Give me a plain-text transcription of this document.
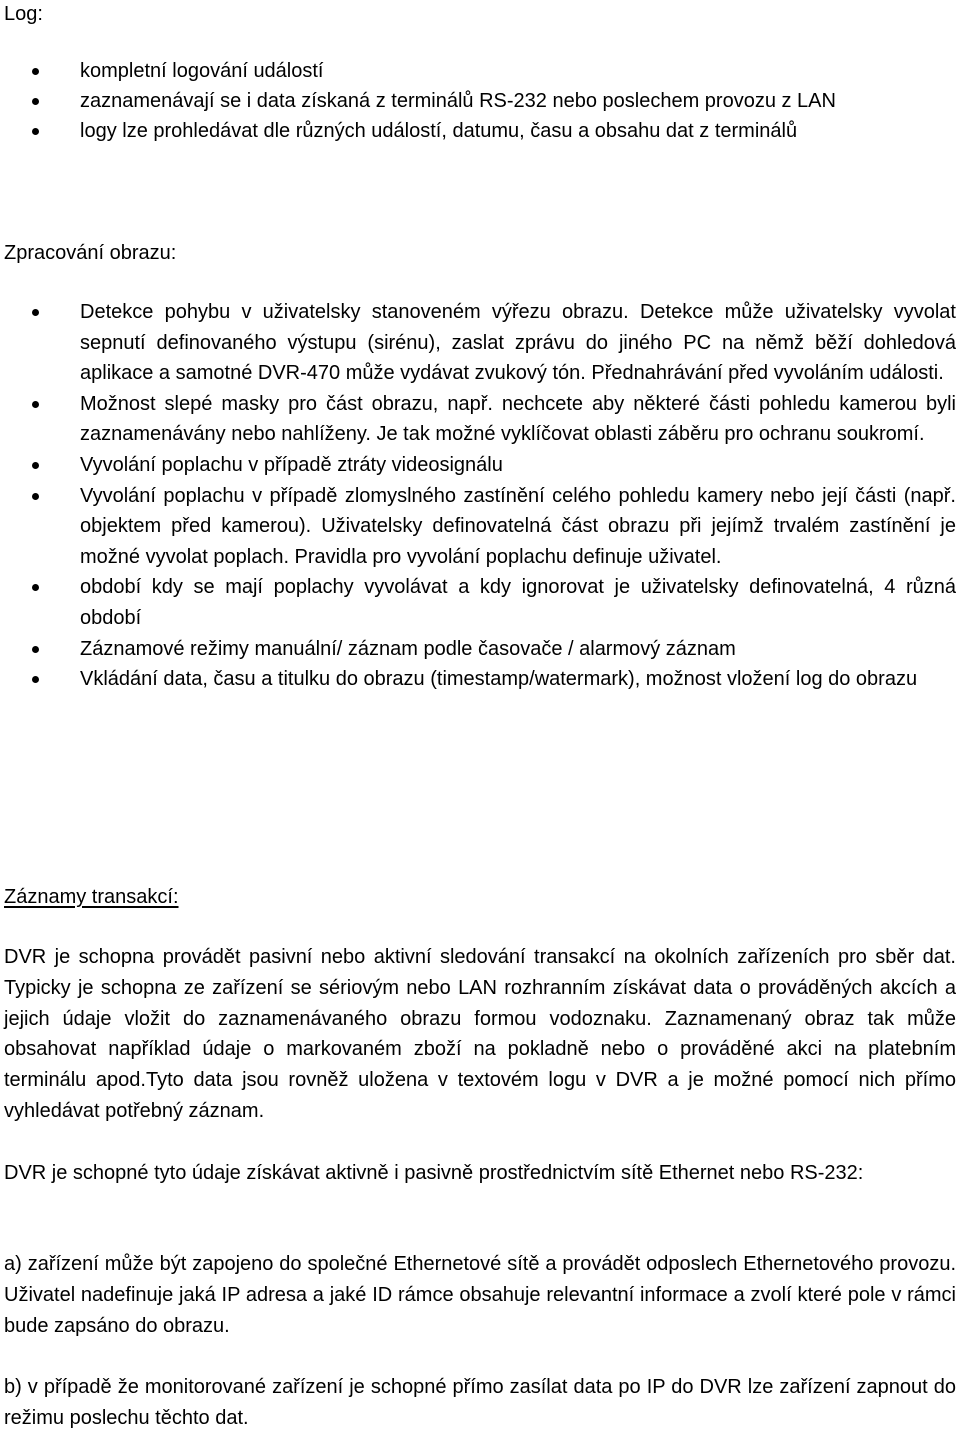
Log:
kompletní logování událostí
zaznamenávají se i data získaná z terminálů RS-232 nebo poslechem provozu z LAN
logy lze prohledávat dle různých událostí, datumu, času a obsahu dat z terminálů
Zpracování obrazu:
Detekce pohybu v uživatelsky stanoveném výřezu obrazu. Detekce může uživatelsky vyvolat sepnutí definovaného výstupu (sirénu), zaslat zprávu do jiného PC na němž běží dohledová aplikace a samotné DVR-470 může vydávat zvukový tón. Přednahrávání před vyvoláním události.
Možnost slepé masky pro část obrazu, např. nechcete aby některé části pohledu kamerou byli zaznamenávány nebo nahlíženy. Je tak možné vyklíčovat oblasti záběru pro ochranu soukromí.
Vyvolání poplachu v případě ztráty videosignálu
Vyvolání poplachu v případě zlomyslného zastínění celého pohledu kamery nebo její části (např. objektem před kamerou). Uživatelsky definovatelná část obrazu při jejímž trvalém zastínění je možné vyvolat poplach. Pravidla pro vyvolání poplachu definuje uživatel.
období kdy se mají poplachy vyvolávat a kdy ignorovat je uživatelsky definovatelná, 4 různá období
Záznamové režimy manuální/ záznam podle časovače / alarmový záznam
Vkládání data, času a titulku do obrazu (timestamp/watermark), možnost vložení log do obrazu
Záznamy transakcí:

DVR je schopna provádět pasivní nebo aktivní sledování transakcí na okolních zařízeních pro sběr dat. Typicky je schopna ze zařízení se sériovým nebo LAN rozhranním získávat data o prováděných akcích a jejich údaje vložit do zaznamenávaného obrazu formou vodoznaku. Zaznamenaný obraz tak může obsahovat například údaje o markovaném zboží na pokladně nebo o prováděné akci na platebním terminálu apod.Tyto data jsou rovněž uložena v textovém logu v DVR a je možné pomocí nich přímo vyhledávat potřebný záznam.

DVR je schopné tyto údaje získávat aktivně i pasivně prostřednictvím sítě Ethernet nebo RS-232:

a) zařízení může být zapojeno do společné Ethernetové sítě a provádět odposlech Ethernetového provozu. Uživatel nadefinuje jaká IP adresa a jaké ID rámce obsahuje relevantní informace a zvolí které pole v rámci bude zapsáno do obrazu.

b) v případě že monitorované zařízení je schopné přímo zasílat data po IP do DVR lze zařízení zapnout do režimu poslechu těchto dat.
